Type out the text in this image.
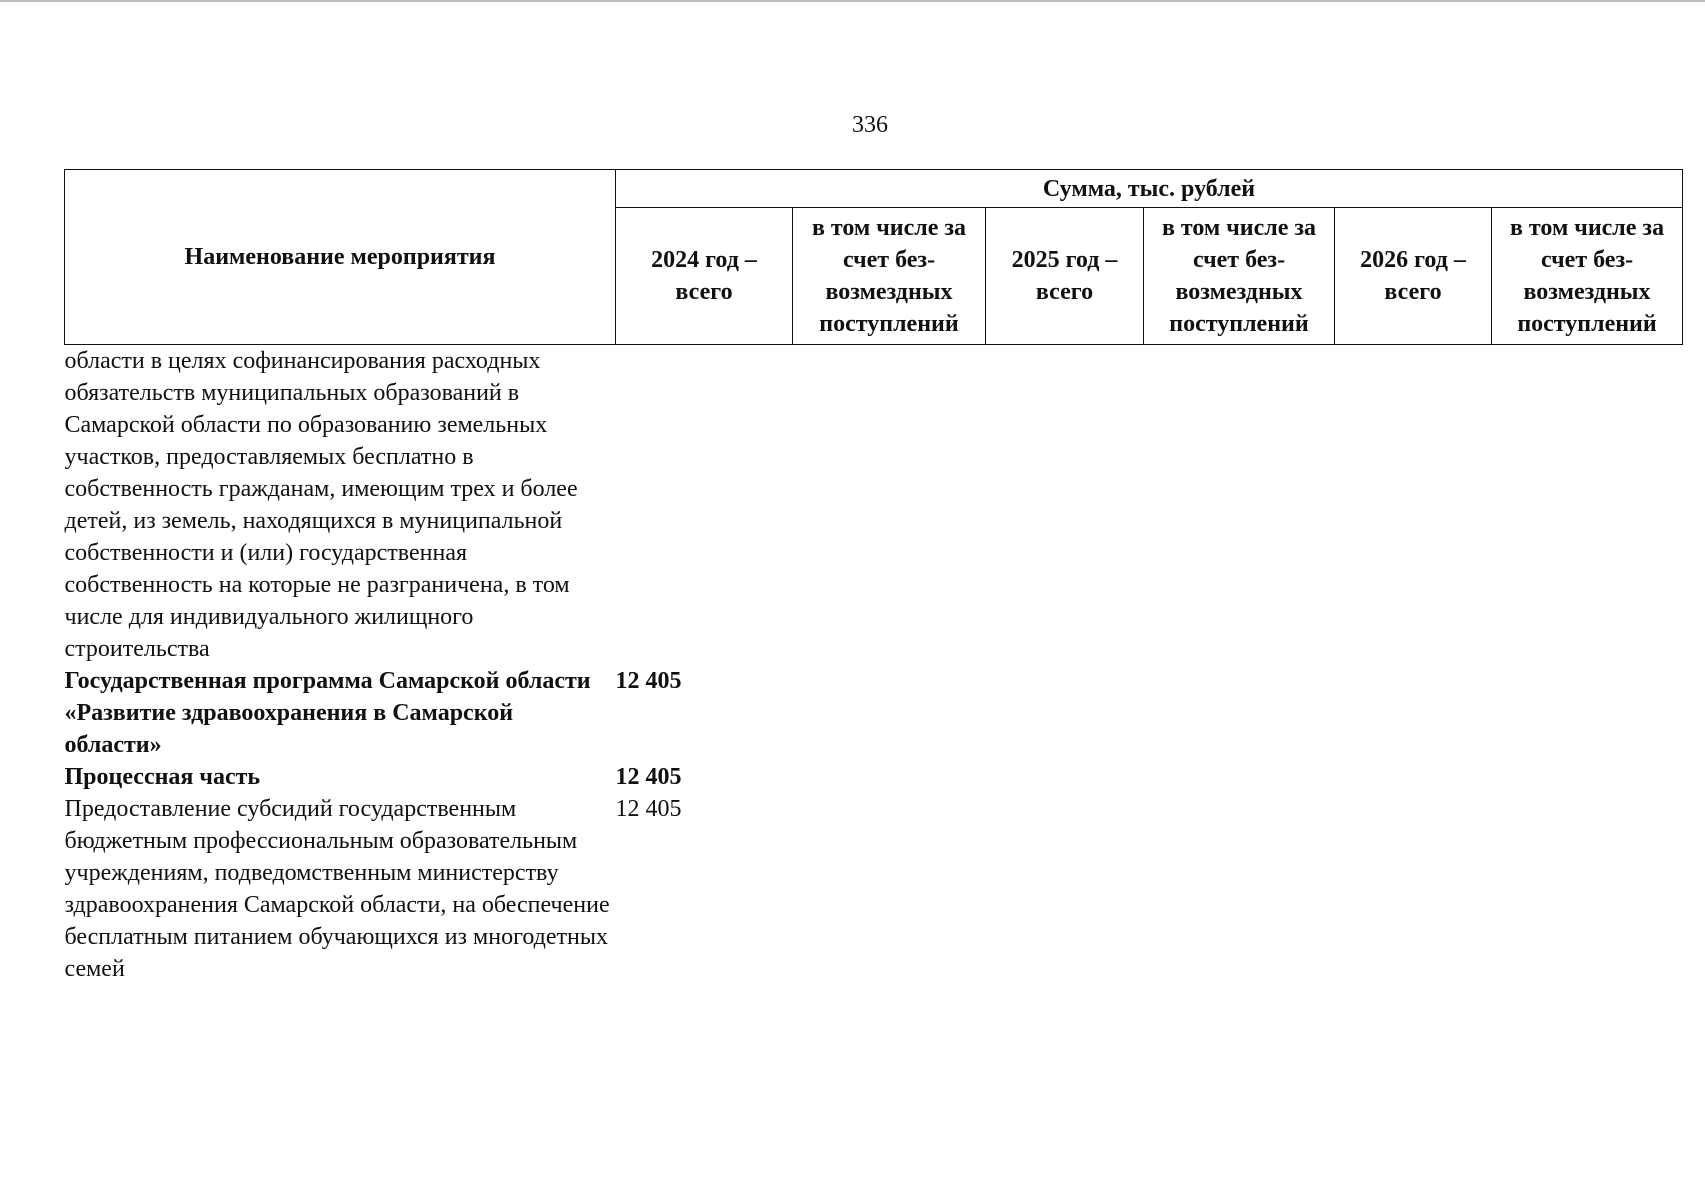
336
Наименование мероприятия	Сумма, тыс. рублей					
	2024 год – всего	в том числе за счет без-возмездных поступлений	2025 год – всего	в том числе за счет без-возмездных поступлений	2026 год – всего	в том числе за счет без-возмездных поступлений
области в целях софинансирования расходных обязательств муниципальных образований в Самарской области по образованию земельных участков, предоставляемых бесплатно в собственность гражданам, имеющим трех и более детей, из земель, находящихся в муниципальной собственности и (или) государственная собственность на которые не разграничена, в том числе для индивидуального жилищного строительства						
Государственная программа Самарской области «Развитие здравоохранения в Самарской области»	12 405					
Процессная часть	12 405					
Предоставление субсидий государственным бюджетным профессиональным образовательным учреждениям, подведомственным министерству здравоохранения Самарской области, на обеспечение бесплатным питанием обучающихся из многодетных семей	12 405					
